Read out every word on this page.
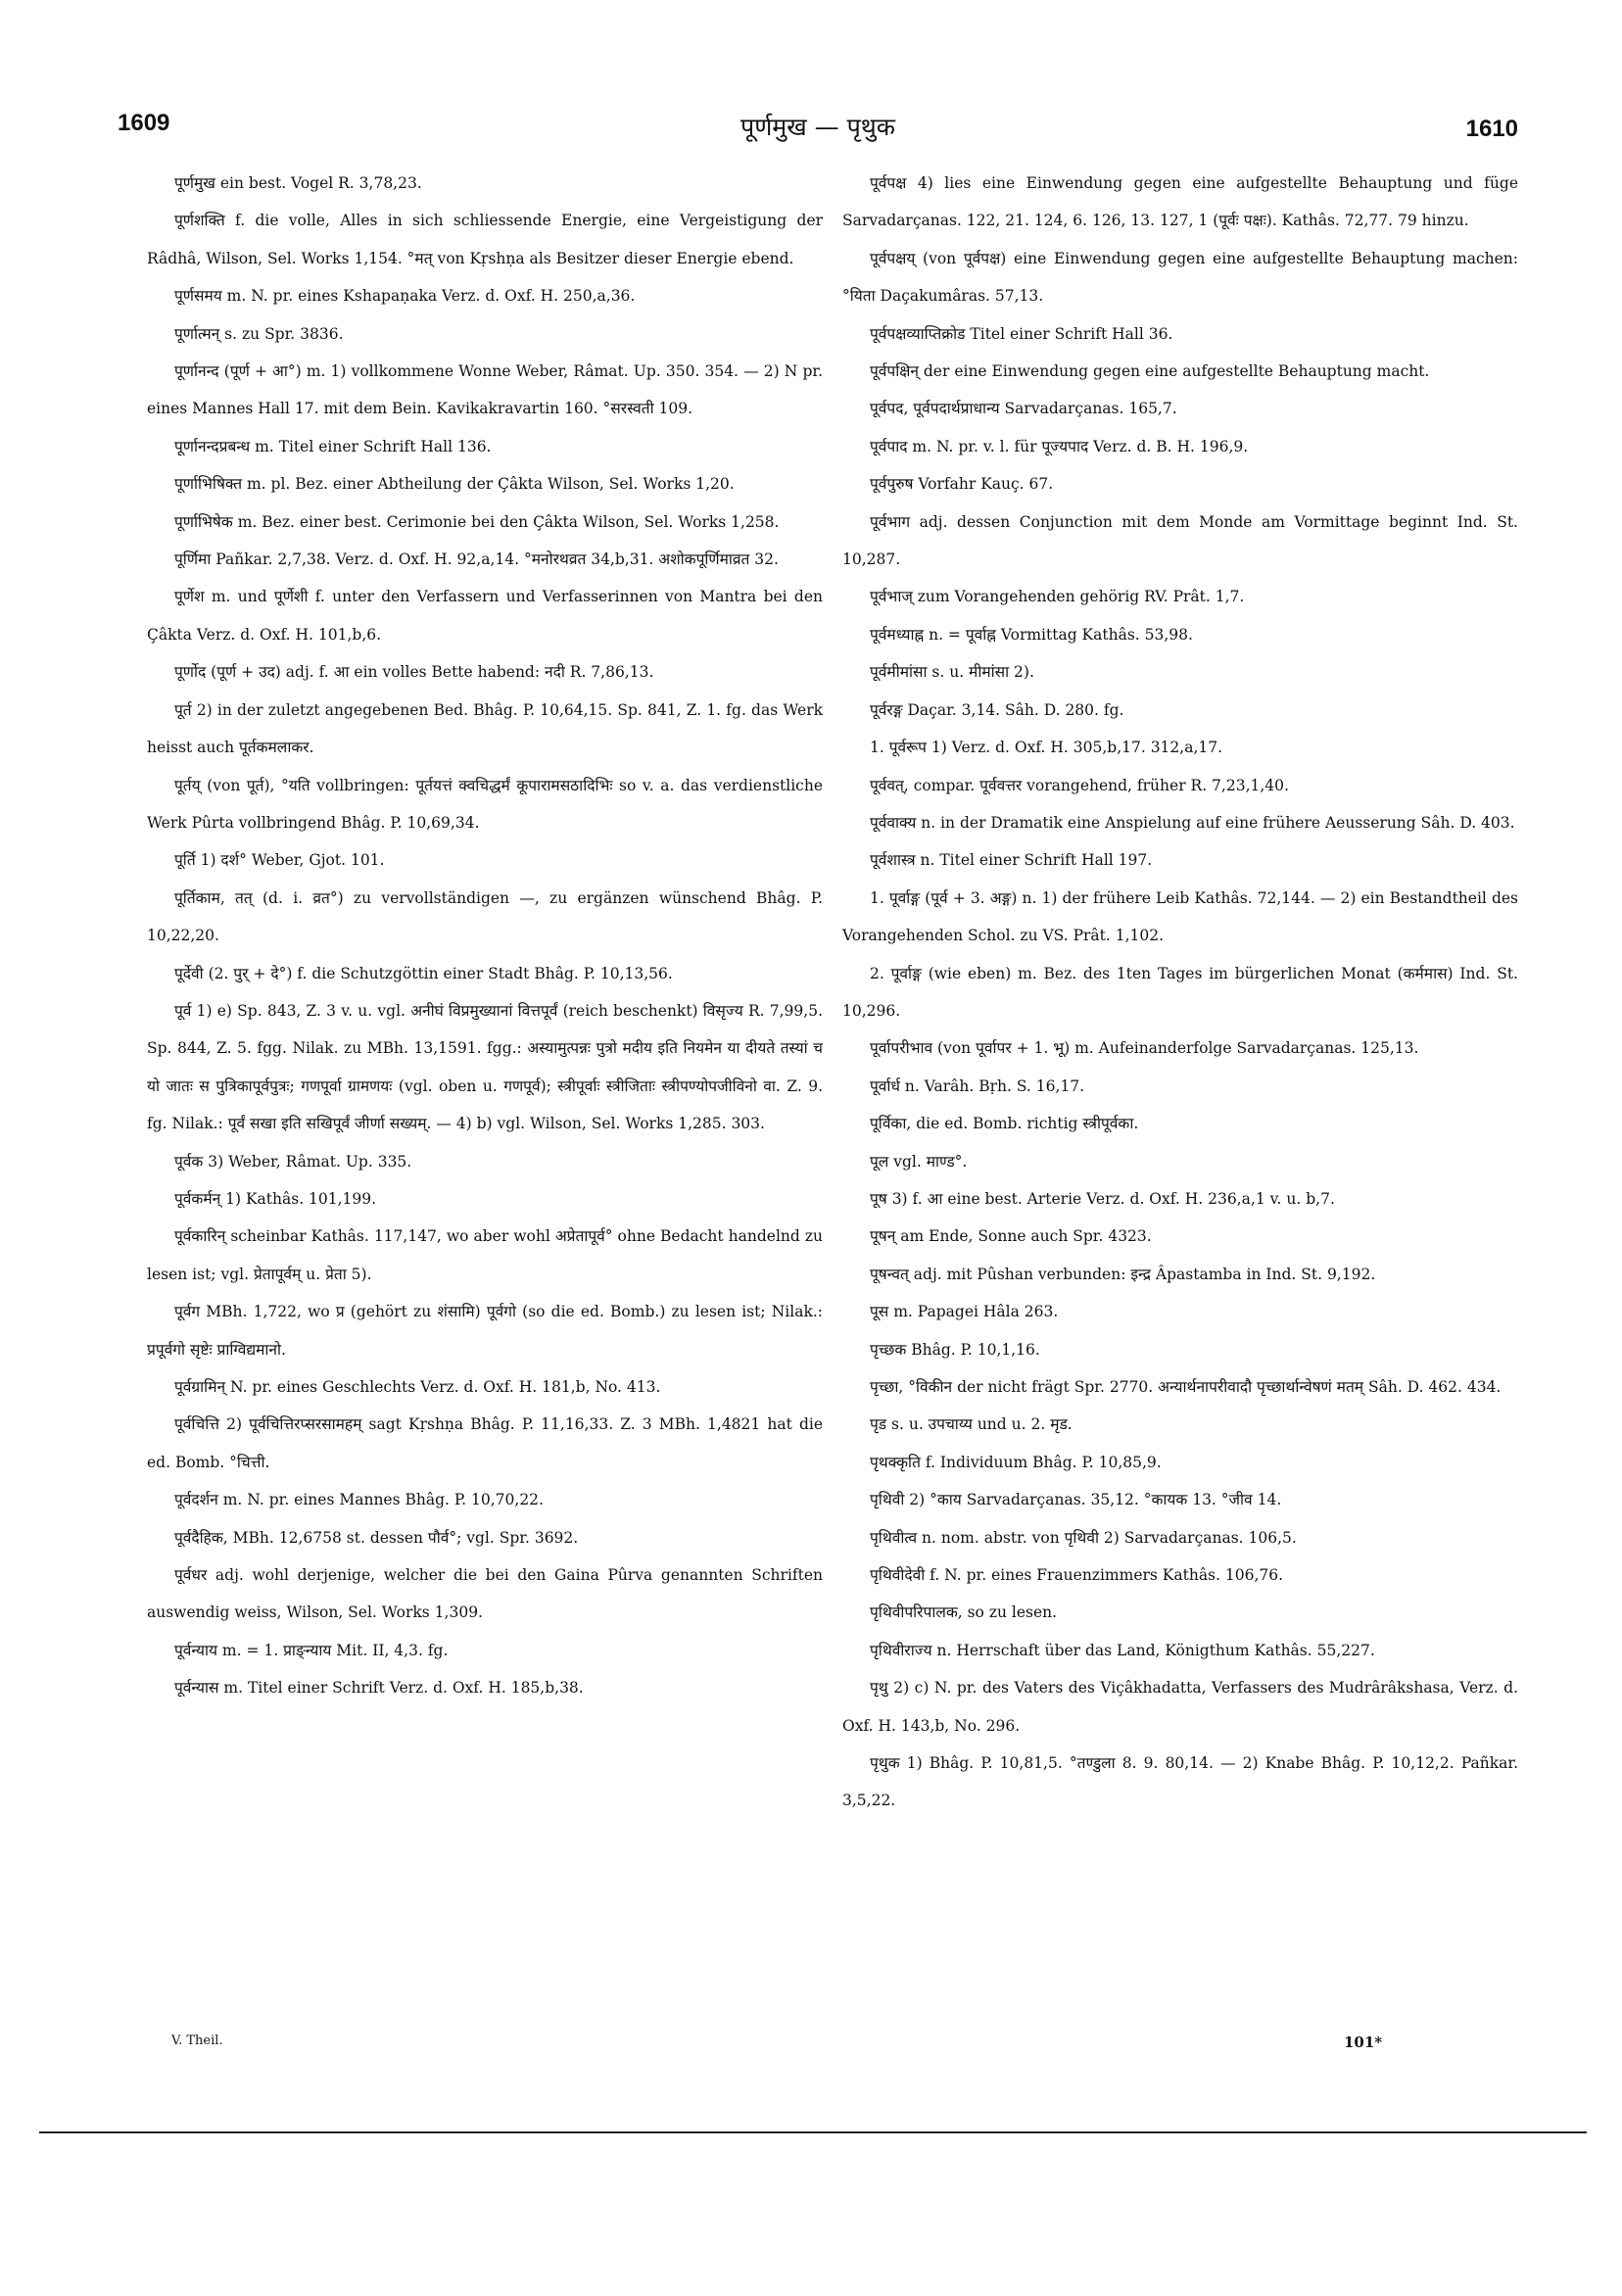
1609	पूर्णमुख — पृथुक	1610

पूर्णमुख ein best. Vogel R. 3,78,23.

पूर्णशक्ति f. die volle, Alles in sich schliessende Energie, eine Vergeistigung der Râdhâ, Wilson, Sel. Works 1,154. °मत् von Kṛshṇa als Besitzer dieser Energie ebend.

पूर्णसमय m. N. pr. eines Kshapaṇaka Verz. d. Oxf. H. 250,a,36.

पूर्णात्मन् s. zu Spr. 3836.

पूर्णानन्द (पूर्ण + आ°) m. 1) vollkommene Wonne Weber, Râmat. Up. 350. 354. — 2) N pr. eines Mannes Hall 17. mit dem Bein. Kavikakravartin 160. °सरस्वती 109.

पूर्णानन्दप्रबन्ध m. Titel einer Schrift Hall 136.

पूर्णाभिषिक्त m. pl. Bez. einer Abtheilung der Çâkta Wilson, Sel. Works 1,20.

पूर्णाभिषेक m. Bez. einer best. Cerimonie bei den Çâkta Wilson, Sel. Works 1,258.

पूर्णिमा Pañkar. 2,7,38. Verz. d. Oxf. H. 92,a,14. °मनोरथव्रत 34,b,31. अशोकपूर्णिमाव्रत 32.

पूर्णेश m. und पूर्णेशी f. unter den Verfassern und Verfasserinnen von Mantra bei den Çâkta Verz. d. Oxf. H. 101,b,6.

पूर्णोद (पूर्ण + उद) adj. f. आ ein volles Bette habend: नदी R. 7,86,13.

पूर्त 2) in der zuletzt angegebenen Bed. Bhâg. P. 10,64,15. Sp. 841, Z. 1. fg. das Werk heisst auch पूर्तकमलाकर.

पूर्तय् (von पूर्त), °यति vollbringen: पूर्तयत्तं क्वचिद्धर्मं कूपारामसठादिभिः so v. a. das verdienstliche Werk Pûrta vollbringend Bhâg. P. 10,69,34.

पूर्ति 1) दर्श° Weber, Gjot. 101.

पूर्तिकाम, तत् (d. i. व्रत°) zu vervollständigen —, zu ergänzen wünschend Bhâg. P. 10,22,20.

पूर्देवी (2. पुर् + दे°) f. die Schutzgöttin einer Stadt Bhâg. P. 10,13,56.

पूर्व 1) e) Sp. 843, Z. 3 v. u. vgl. अनीघं विप्रमुख्यानां वित्तपूर्वं (reich beschenkt) विसृज्य R. 7,99,5. Sp. 844, Z. 5. fgg. Nilak. zu MBh. 13,1591. fgg.: अस्यामुत्पन्नः पुत्रो मदीय इति नियमेन या दीयते तस्यां च यो जातः स पुत्रिकापूर्वपुत्रः; गणपूर्वा ग्रामणयः (vgl. oben u. गणपूर्व); स्त्रीपूर्वाः स्त्रीजिताः स्त्रीपण्योपजीविनो वा. Z. 9. fg. Nilak.: पूर्वं सखा इति सखिपूर्वं जीर्णा सख्यम्. — 4) b) vgl. Wilson, Sel. Works 1,285. 303.

पूर्वक 3) Weber, Râmat. Up. 335.

पूर्वकर्मन् 1) Kathâs. 101,199.

पूर्वकारिन् scheinbar Kathâs. 117,147, wo aber wohl अप्रेतापूर्व° ohne Bedacht handelnd zu lesen ist; vgl. प्रेतापूर्वम् u. प्रेता 5).

पूर्वग MBh. 1,722, wo प्र (gehört zu शंसामि) पूर्वगो (so die ed. Bomb.) zu lesen ist; Nilak.: प्रपूर्वगो सृष्टेः प्राग्विद्यमानो.

पूर्वग्रामिन् N. pr. eines Geschlechts Verz. d. Oxf. H. 181,b, No. 413.

पूर्वचित्ति 2) पूर्वचित्तिरप्सरसामहम् sagt Kṛshṇa Bhâg. P. 11,16,33. Z. 3 MBh. 1,4821 hat die ed. Bomb. °चित्ती.

पूर्वदर्शन m. N. pr. eines Mannes Bhâg. P. 10,70,22.

पूर्वदैहिक, MBh. 12,6758 st. dessen पौर्व°; vgl. Spr. 3692.

पूर्वधर adj. wohl derjenige, welcher die bei den Gaina Pûrva genannten Schriften auswendig weiss, Wilson, Sel. Works 1,309.

पूर्वन्याय m. = 1. प्राङ्न्याय Mit. II, 4,3. fg.

पूर्वन्यास m. Titel einer Schrift Verz. d. Oxf. H. 185,b,38.

पूर्वपक्ष 4) lies eine Einwendung gegen eine aufgestellte Behauptung und füge Sarvadarçanas. 122, 21. 124, 6. 126, 13. 127, 1 (पूर्वः पक्षः). Kathâs. 72,77. 79 hinzu.

पूर्वपक्षय् (von पूर्वपक्ष) eine Einwendung gegen eine aufgestellte Behauptung machen: °यिता Daçakumâras. 57,13.

पूर्वपक्षव्याप्तिक्रोड Titel einer Schrift Hall 36.

पूर्वपक्षिन् der eine Einwendung gegen eine aufgestellte Behauptung macht.

पूर्वपद, पूर्वपदार्थप्राधान्य Sarvadarçanas. 165,7.

पूर्वपाद m. N. pr. v. l. für पूज्यपाद Verz. d. B. H. 196,9.

पूर्वपुरुष Vorfahr Kauç. 67.

पूर्वभाग adj. dessen Conjunction mit dem Monde am Vormittage beginnt Ind. St. 10,287.

पूर्वभाज् zum Vorangehenden gehörig RV. Prât. 1,7.

पूर्वमध्याह्न n. = पूर्वाह्न Vormittag Kathâs. 53,98.

पूर्वमीमांसा s. u. मीमांसा 2).

पूर्वरङ्ग Daçar. 3,14. Sâh. D. 280. fg.

1. पूर्वरूप 1) Verz. d. Oxf. H. 305,b,17. 312,a,17.

पूर्ववत्, compar. पूर्ववत्तर vorangehend, früher R. 7,23,1,40.

पूर्ववाक्य n. in der Dramatik eine Anspielung auf eine frühere Aeusserung Sâh. D. 403.

पूर्वशास्त्र n. Titel einer Schrift Hall 197.

1. पूर्वाङ्ग (पूर्व + 3. अङ्ग) n. 1) der frühere Leib Kathâs. 72,144. — 2) ein Bestandtheil des Vorangehenden Schol. zu VS. Prât. 1,102.

2. पूर्वाङ्ग (wie eben) m. Bez. des 1ten Tages im bürgerlichen Monat (कर्ममास) Ind. St. 10,296.

पूर्वापरीभाव (von पूर्वापर + 1. भू) m. Aufeinanderfolge Sarvadarçanas. 125,13.

पूर्वार्ध n. Varâh. Bṛh. S. 16,17.

पूर्विका, die ed. Bomb. richtig स्त्रीपूर्वका.

पूल vgl. माण्ड°.

पूष 3) f. आ eine best. Arterie Verz. d. Oxf. H. 236,a,1 v. u. b,7.

पूषन् am Ende, Sonne auch Spr. 4323.

पूषन्वत् adj. mit Pûshan verbunden: इन्द्र Âpastamba in Ind. St. 9,192.

पूस m. Papagei Hâla 263.

पृच्छक Bhâg. P. 10,1,16.

पृच्छा, °विकीन der nicht frägt Spr. 2770. अन्यार्थनापरीवादौ पृच्छार्थान्वेषणं मतम् Sâh. D. 462. 434.

पृड s. u. उपचाय्य und u. 2. मृड.

पृथक्कृति f. Individuum Bhâg. P. 10,85,9.

पृथिवी 2) °काय Sarvadarçanas. 35,12. °कायक 13. °जीव 14.

पृथिवीत्व n. nom. abstr. von पृथिवी 2) Sarvadarçanas. 106,5.

पृथिवीदेवी f. N. pr. eines Frauenzimmers Kathâs. 106,76.

पृथिवीपरिपालक, so zu lesen.

पृथिवीराज्य n. Herrschaft über das Land, Königthum Kathâs. 55,227.

पृथु 2) c) N. pr. des Vaters des Viçâkhadatta, Verfassers des Mudrârâkshasa, Verz. d. Oxf. H. 143,b, No. 296.

पृथुक 1) Bhâg. P. 10,81,5. °तण्डुला 8. 9. 80,14. — 2) Knabe Bhâg. P. 10,12,2. Pañkar. 3,5,22.

V. Theil.	101*
